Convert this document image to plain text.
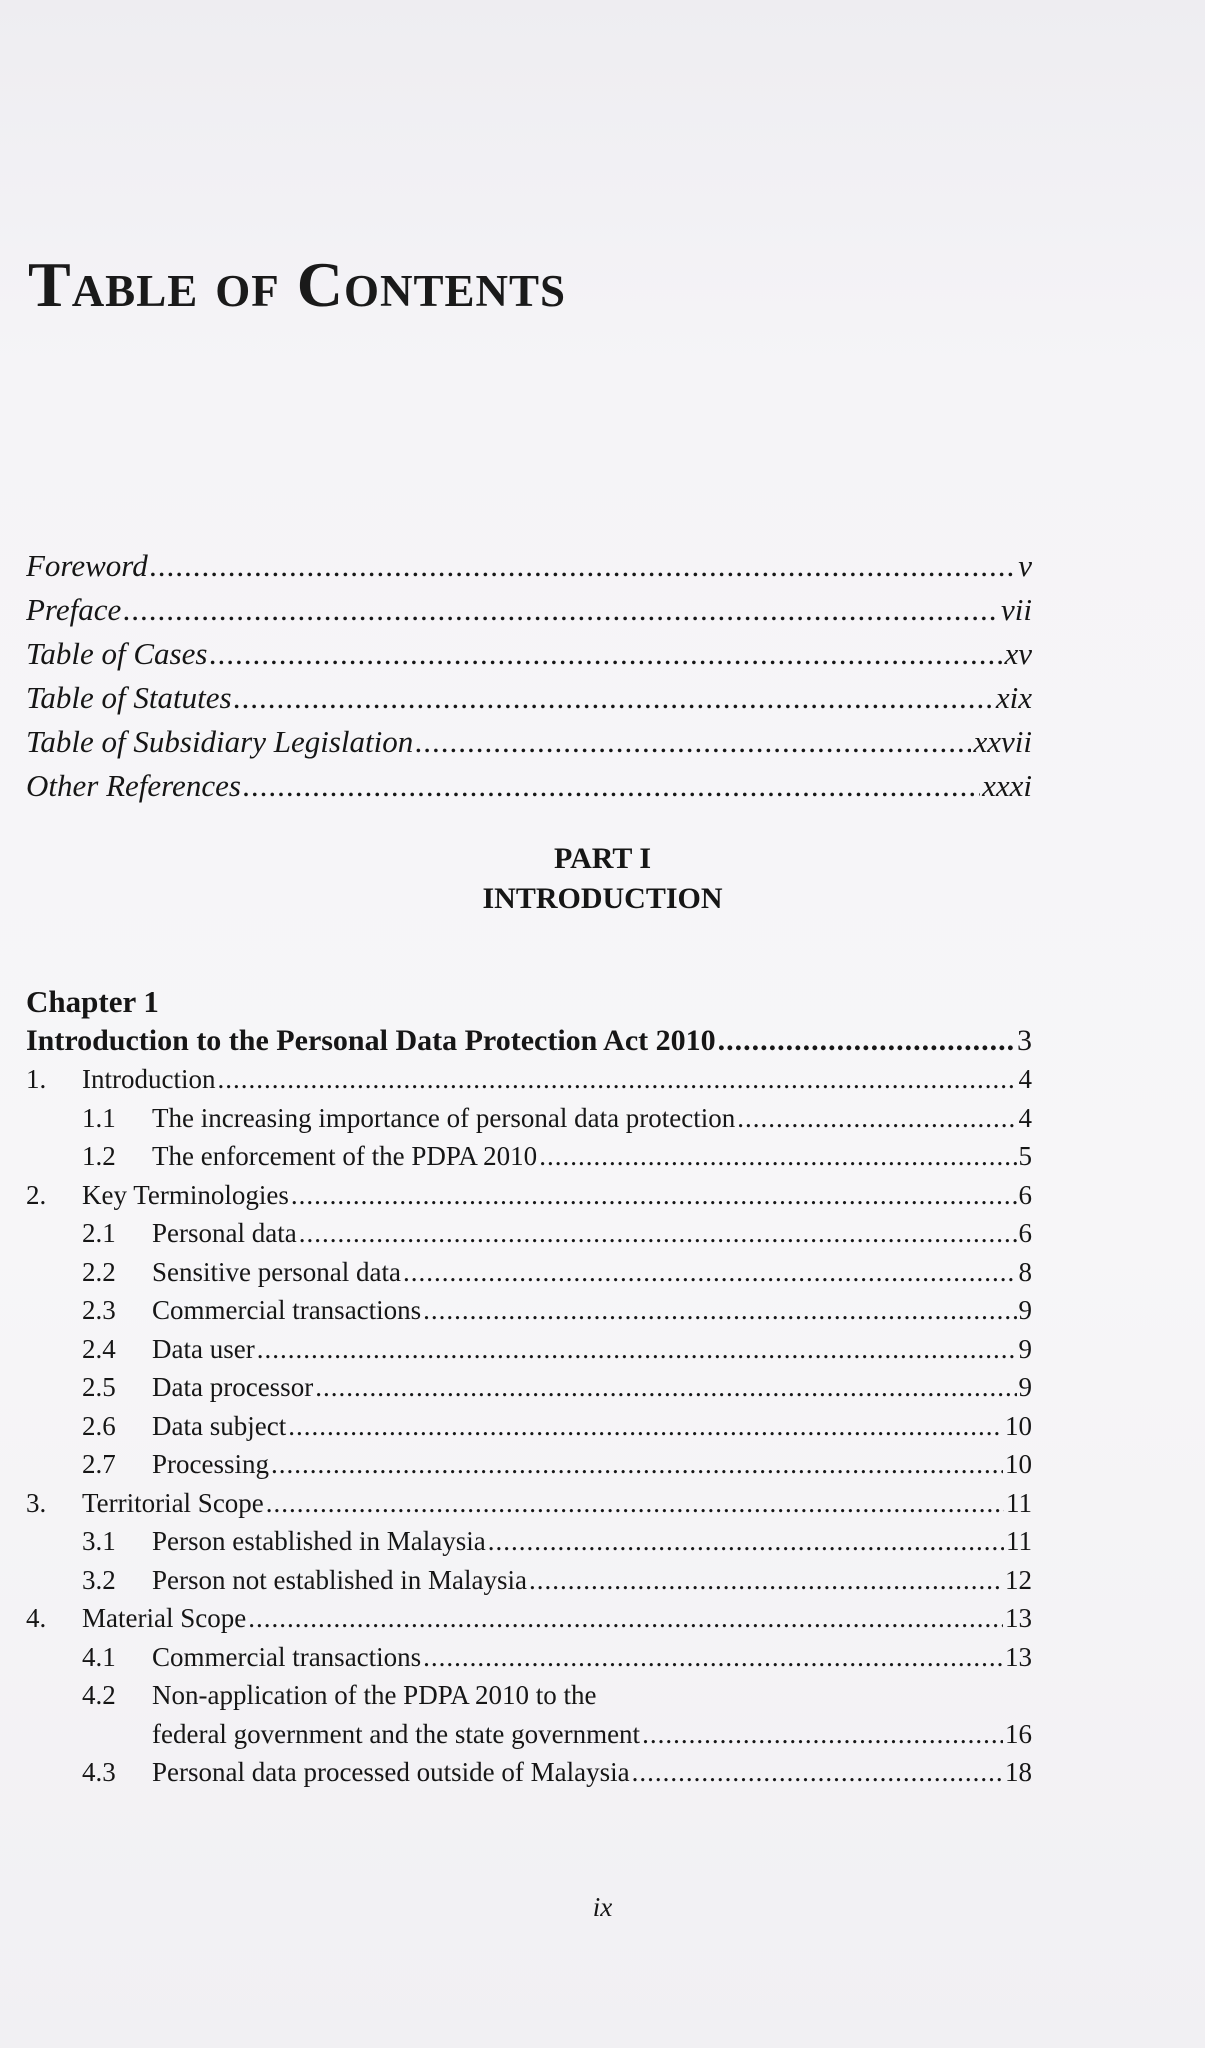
Table of Contents
Foreword .....	v
Preface .....	vii
Table of Cases .....	xv
Table of Statutes .....	xix
Table of Subsidiary Legislation .....	xxvii
Other References .....	xxxi
PART I
INTRODUCTION
Chapter 1
Introduction to the Personal Data Protection Act 2010 .....	3
1.	Introduction .....	4
1.1	The increasing importance of personal data protection .....	4
1.2	The enforcement of the PDPA 2010 .....	5
2.	Key Terminologies .....	6
2.1	Personal data .....	6
2.2	Sensitive personal data .....	8
2.3	Commercial transactions .....	9
2.4	Data user .....	9
2.5	Data processor .....	9
2.6	Data subject .....	10
2.7	Processing .....	10
3.	Territorial Scope .....	11
3.1	Person established in Malaysia .....	11
3.2	Person not established in Malaysia .....	12
4.	Material Scope .....	13
4.1	Commercial transactions .....	13
4.2	Non-application of the PDPA 2010 to the
federal government and the state government .....	16
4.3	Personal data processed outside of Malaysia .....	18
ix
